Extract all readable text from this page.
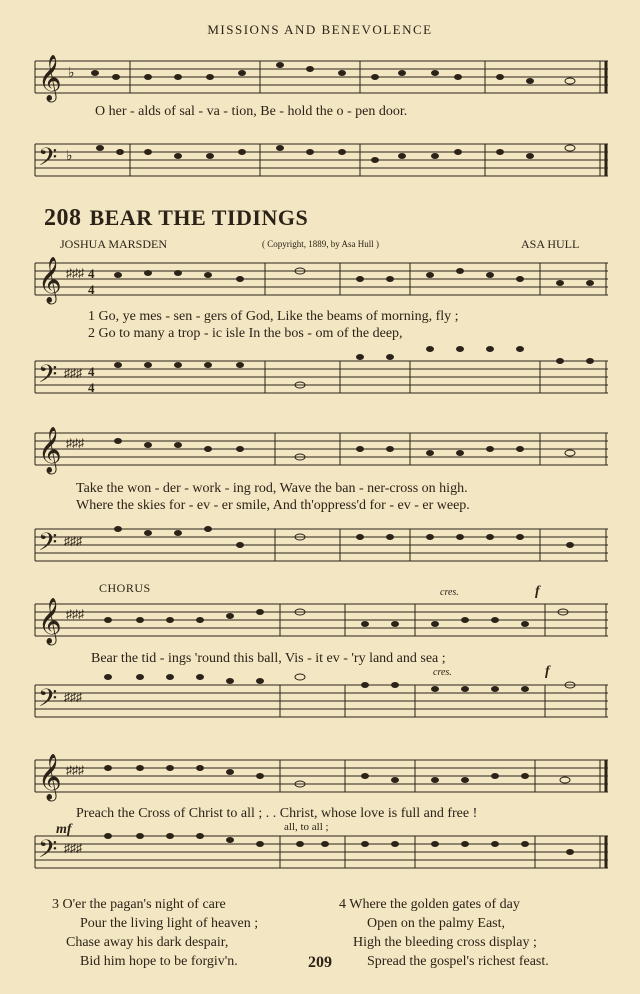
MISSIONS AND BENEVOLENCE
𝄞 ♭
O her - alds of sal - va - tion, Be - hold the o - pen door.
𝄢 ♭
208 BEAR THE TIDINGS
JOSHUA MARSDEN	( Copyright, 1889, by Asa Hull )	ASA HULL
𝄞 ♯♯♯ 4
4
1 Go, ye mes - sen - gers of God, Like the beams of morning, fly ;
2 Go to many a trop - ic isle In the bos - om of the deep,
𝄢 ♯♯♯ 4
4
𝄞 ♯♯♯
Take the won - der - work - ing rod, Wave the ban - ner-cross on high.
Where the skies for - ev - er smile, And th'oppress'd for - ev - er weep.
𝄢 ♯♯♯
CHORUS	cres.	f
𝄞 ♯♯♯
Bear the tid - ings 'round this ball, Vis - it ev - 'ry land and sea ;
cres.	f
𝄢 ♯♯♯
𝄞 ♯♯♯
Preach the Cross of Christ to all ; . . Christ, whose love is full and free !
mf	all, to all ;
𝄢 ♯♯♯
3 O'er the pagan's night of care
Pour the living light of heaven ;
Chase away his dark despair,
Bid him hope to be forgiv'n.
4 Where the golden gates of day
Open on the palmy East,
High the bleeding cross display ;
Spread the gospel's richest feast.
209
